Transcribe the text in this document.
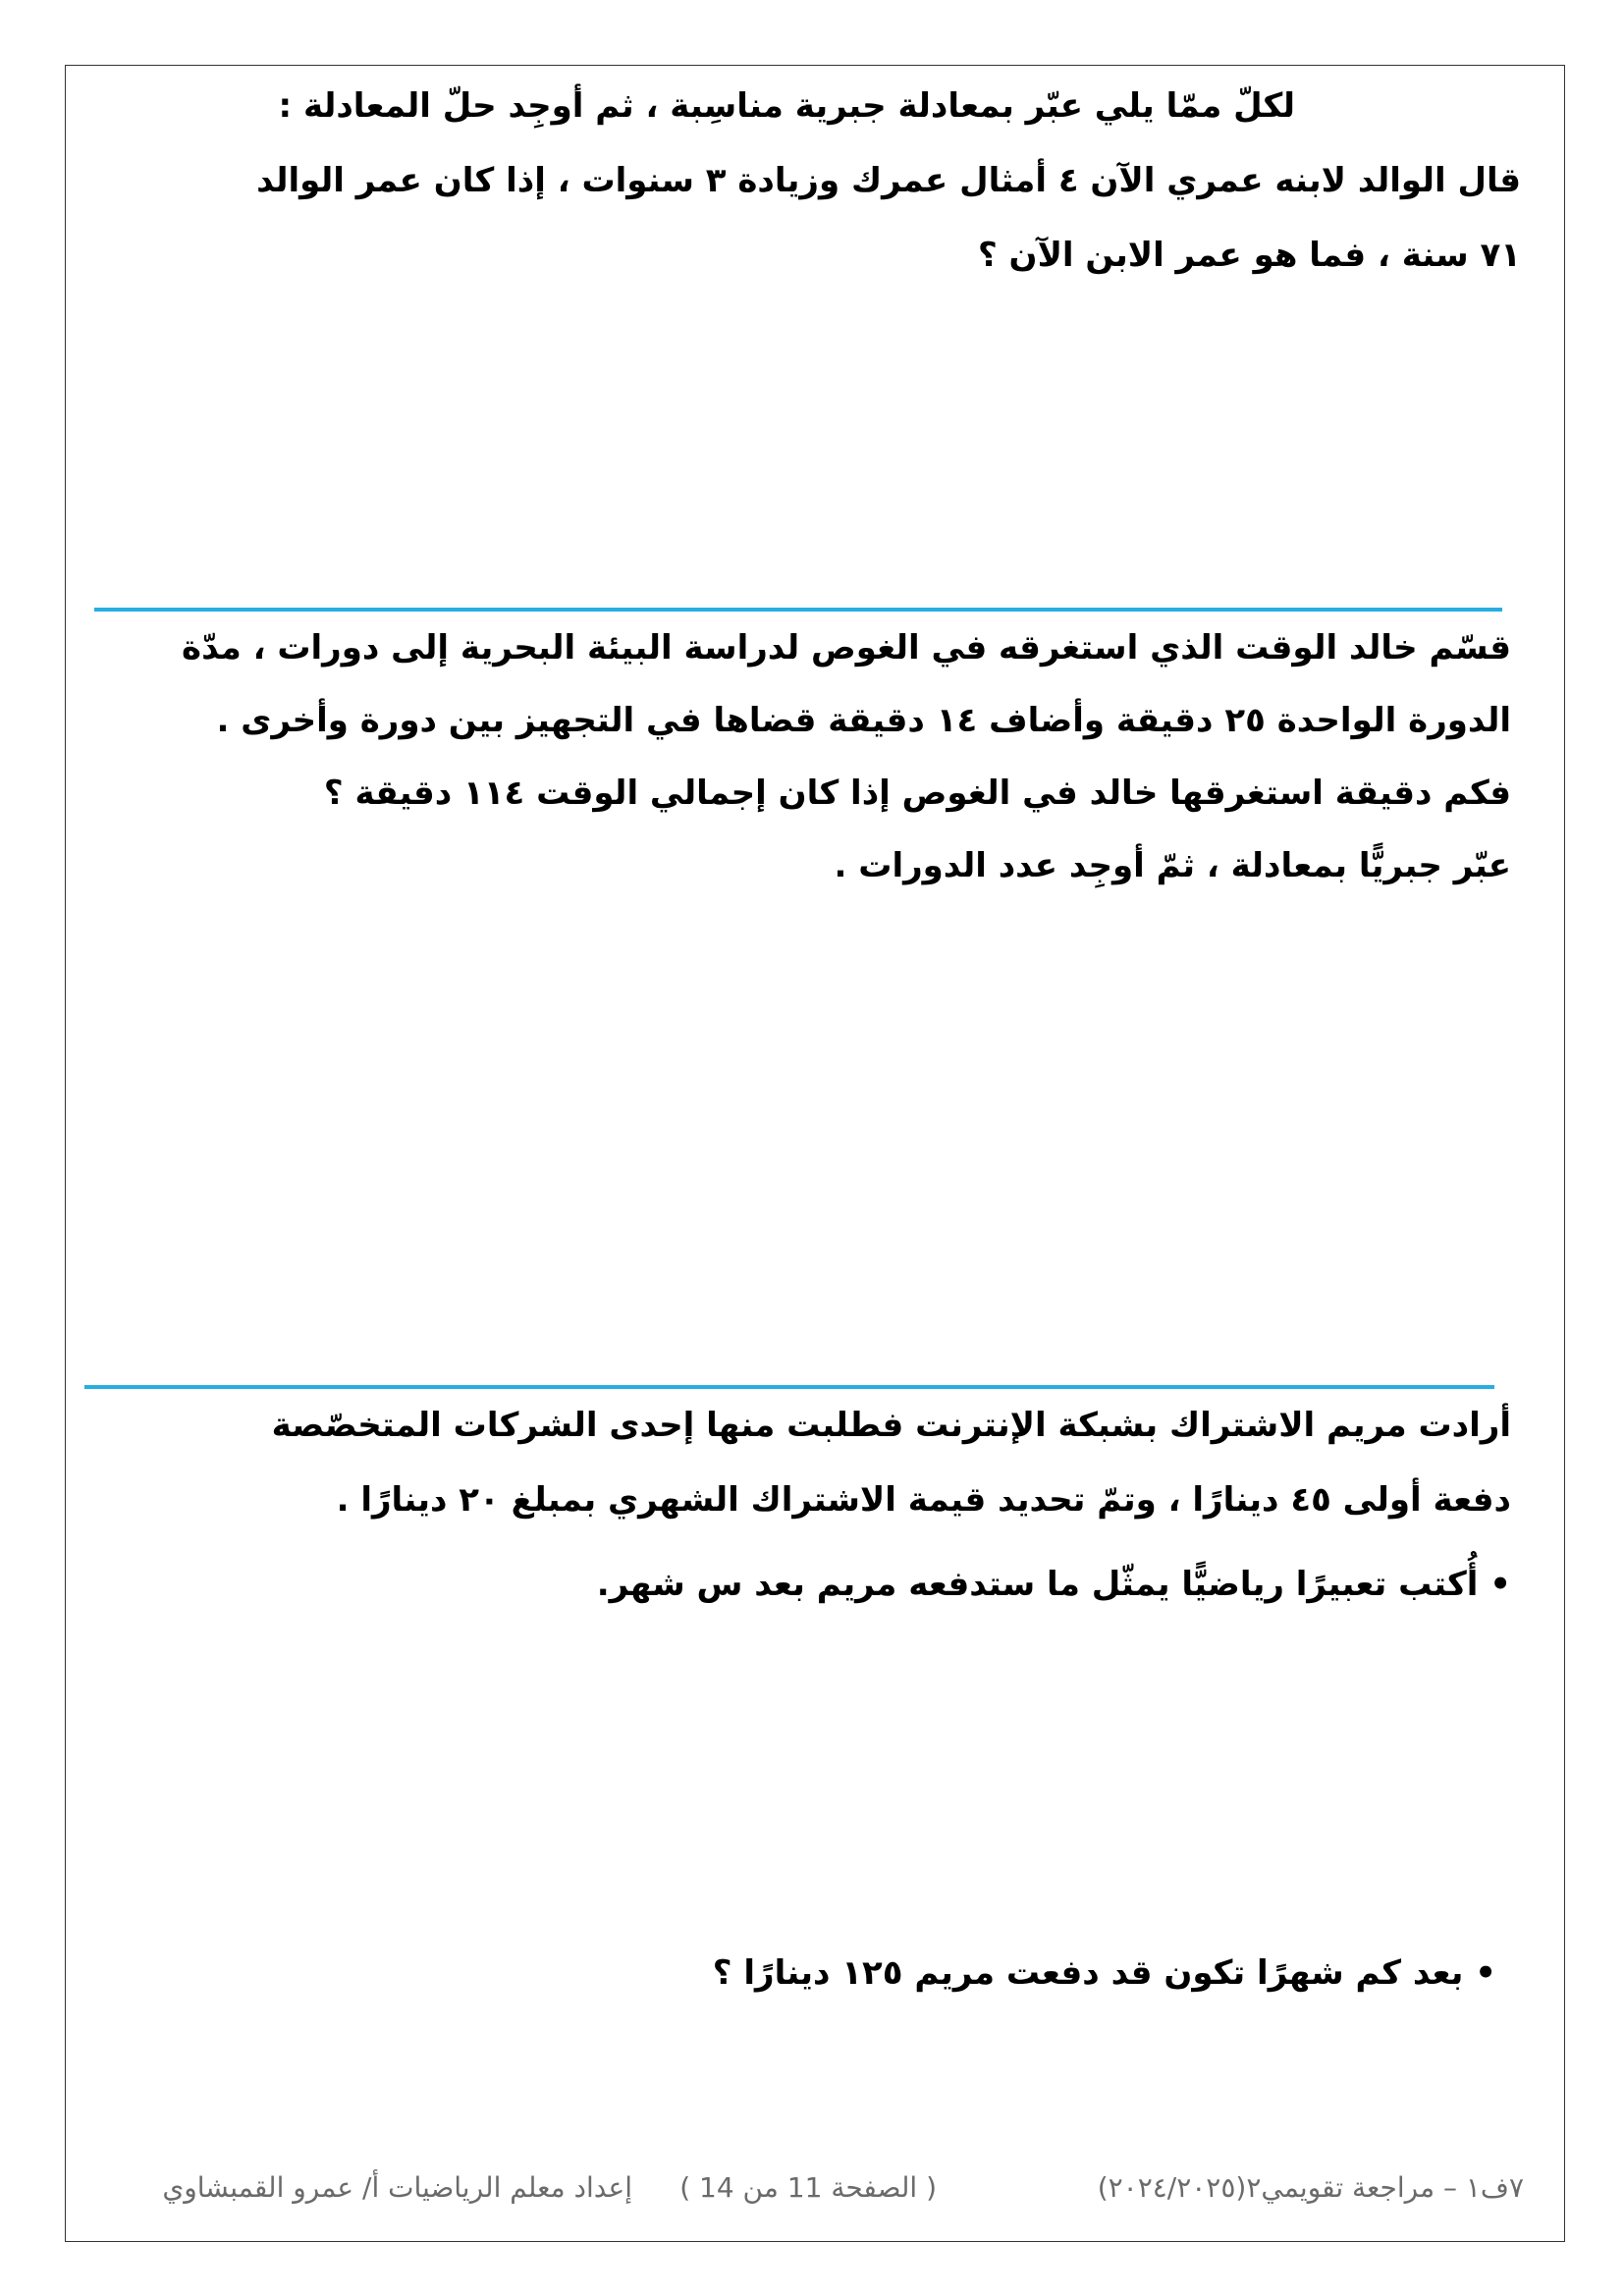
لكلّ ممّا يلي عبّر بمعادلة جبرية مناسِبة ، ثم أوجِد حلّ المعادلة :
قال الوالد لابنه عمري الآن ٤ أمثال عمرك وزيادة ٣ سنوات ، إذا كان عمر الوالد
٧١ سنة ، فما هو عمر الابن الآن ؟
قسّم خالد الوقت الذي استغرقه في الغوص لدراسة البيئة البحرية إلى دورات ، مدّة
الدورة الواحدة ٢٥ دقيقة وأضاف ١٤ دقيقة قضاها في التجهيز بين دورة وأخرى .
فكم دقيقة استغرقها خالد في الغوص إذا كان إجمالي الوقت ١١٤ دقيقة ؟
عبّر جبريًّا بمعادلة ، ثمّ أوجِد عدد الدورات .
أرادت مريم الاشتراك بشبكة الإنترنت فطلبت منها إحدى الشركات المتخصّصة
دفعة أولى ٤٥ دينارًا ، وتمّ تحديد قيمة الاشتراك الشهري بمبلغ ٢٠ دينارًا .
• أُكتب تعبيرًا رياضيًّا يمثّل ما ستدفعه مريم بعد س شهر.
• بعد كم شهرًا تكون قد دفعت مريم ١٢٥ دينارًا ؟
٧ف١ – مراجعة تقويمي٢(٢٠٢٤/٢٠٢٥)
( الصفحة 11 من 14 )
إعداد معلم الرياضيات أ/ عمرو القمبشاوي
